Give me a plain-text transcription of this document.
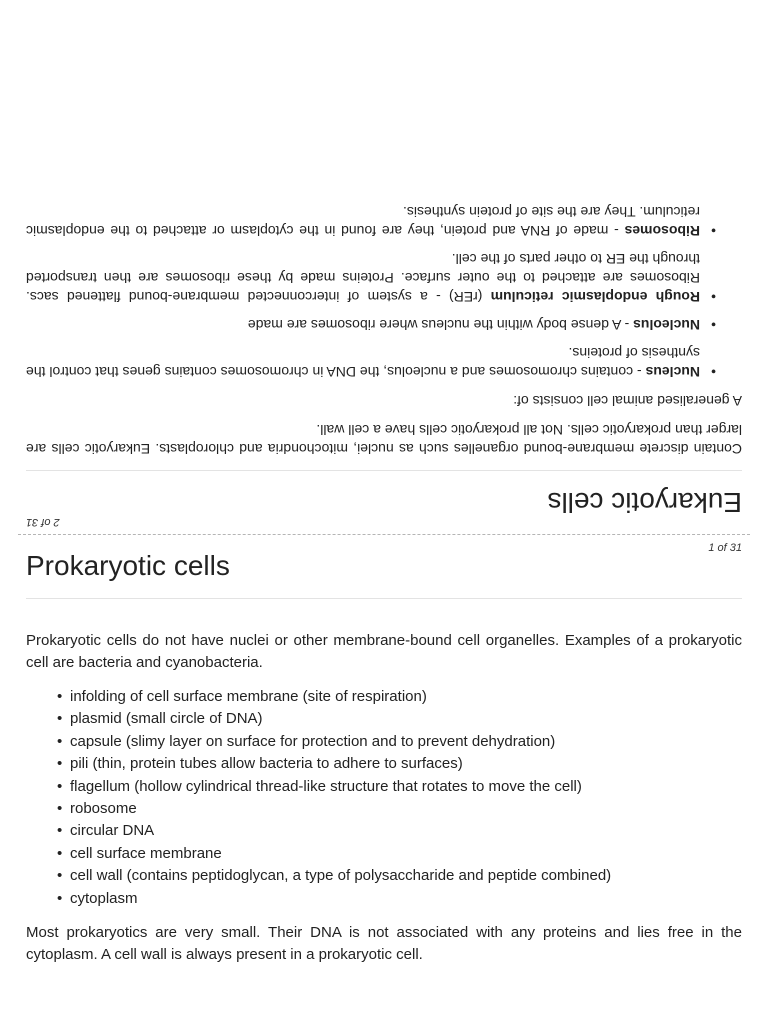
2 of 31
Eukaryotic cells

Contain discrete membrane-bound organelles such as nuclei, mitochondria and chloroplasts. Eukaryotic cells are larger than prokaryotic cells. Not all prokaryotic cells have a cell wall.

A generalised animal cell consists of:

•
Nucleus - contains chromosomes and a nucleolus, the DNA in chromosomes contains genes that control the synthesis of proteins.
•
Nucleolus - A dense body within the nucleus where ribosomes are made
•
Rough endoplasmic reticulum (rER) - a system of interconnected membrane-bound flattened sacs. Ribosomes are attached to the outer surface. Proteins made by these ribosomes are then transported through the ER to other parts of the cell.
•
Ribosomes - made of RNA and protein, they are found in the cytoplasm or attached to the endoplasmic reticulum. They are the site of protein synthesis.
1 of 31
Prokaryotic cells

Prokaryotic cells do not have nuclei or other membrane-bound cell organelles. Examples of a prokaryotic cell are bacteria and cyanobacteria.

• infolding of cell surface membrane (site of respiration)
• plasmid (small circle of DNA)
• capsule (slimy layer on surface for protection and to prevent dehydration)
• pili (thin, protein tubes allow bacteria to adhere to surfaces)
• flagellum (hollow cylindrical thread-like structure that rotates to move the cell)
• robosome
• circular DNA
• cell surface membrane
• cell wall (contains peptidoglycan, a type of polysaccharide and peptide combined)
• cytoplasm

Most prokaryotics are very small. Their DNA is not associated with any proteins and lies free in the cytoplasm. A cell wall is always present in a prokaryotic cell.
